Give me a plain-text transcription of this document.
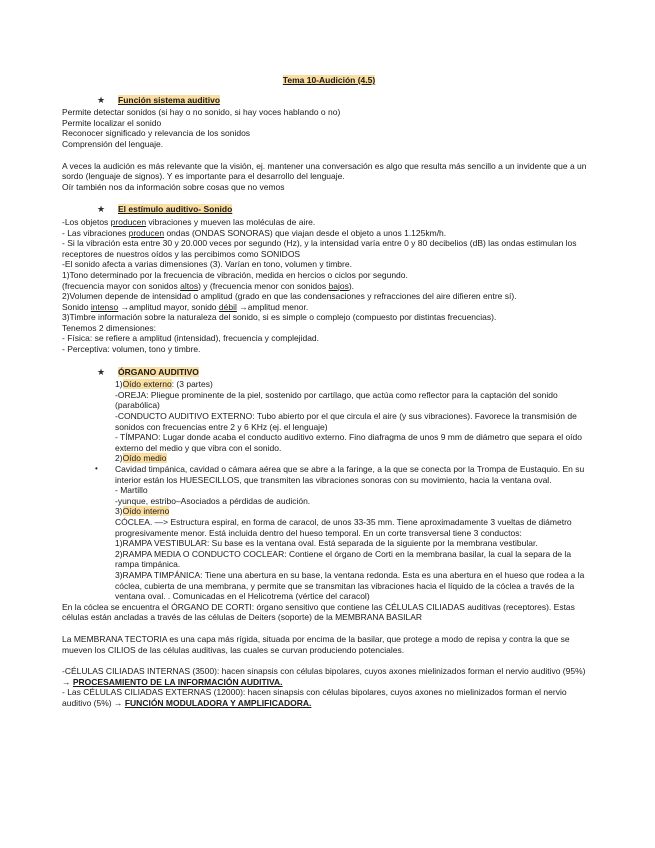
Tema 10-Audición (4.5)
★	Función sistema auditivo
Permite detectar sonidos (si hay o no sonido, si hay voces hablando o no)
Permite localizar el sonido
Reconocer significado y relevancia de los sonidos
Comprensión del lenguaje.
A veces la audición es más relevante que la visión, ej. mantener una conversación es algo que resulta más sencillo a un invidente que a un sordo (lenguaje de signos). Y es importante para el desarrollo del lenguaje.
Oír también nos da información sobre cosas que no vemos
★	El estímulo auditivo- Sonido
-Los objetos producen vibraciones y mueven las moléculas de aire.
- Las vibraciones producen ondas (ONDAS SONORAS) que viajan desde el objeto a unos 1.125km/h.
- Si la vibración esta entre 30 y 20.000 veces por segundo (Hz), y la intensidad varía entre 0 y 80 decibelios (dB) las ondas estimulan los receptores de nuestros oídos y las percibimos como SONIDOS
-El sonido afecta a varias dimensiones (3). Varían en tono, volumen y timbre.
1)Tono determinado por la frecuencia de vibración, medida en hercios o ciclos por segundo.
(frecuencia mayor con sonidos altos) y (frecuencia menor con sonidos bajos).
2)Volumen depende de intensidad o amplitud (grado en que las condensaciones y refracciones del aire difieren entre sí).
Sonido intenso →amplitud mayor, sonido débil →amplitud menor.
3)Timbre información sobre la naturaleza del sonido, si es simple o complejo (compuesto por distintas frecuencias).
Tenemos 2 dimensiones:
- Física: se refiere a amplitud (intensidad), frecuencia y complejidad.
- Perceptiva: volumen, tono y timbre.
★	ÓRGANO AUDITIVO
1)Oído externo: (3 partes)
-OREJA: Pliegue prominente de la piel, sostenido por cartílago, que actúa como reflector para la captación del sonido (parabólica)
-CONDUCTO AUDITIVO EXTERNO: Tubo abierto por el que circula el aire (y sus vibraciones). Favorece la transmisión de sonidos con frecuencias entre 2 y 6 KHz (ej. el lenguaje)
- TÍMPANO: Lugar donde acaba el conducto auditivo externo. Fino diafragma de unos 9 mm de diámetro que separa el oído externo del medio y que vibra con el sonido.
2)Oído medio
•	Cavidad timpánica, cavidad o cámara aérea que se abre a la faringe, a la que se conecta por la Trompa de Eustaquio. En su interior están los HUESECILLOS, que transmiten las vibraciones sonoras con su movimiento, hacia la ventana oval.
- Martillo
-yunque, estribo–Asociados a pérdidas de audición.
3)Oído interno
CÓCLEA. —> Estructura espiral, en forma de caracol, de unos 33-35 mm. Tiene aproximadamente 3 vueltas de diámetro progresivamente menor. Está incluida dentro del hueso temporal. En un corte transversal tiene 3 conductos:
1)RAMPA VESTIBULAR: Su base es la ventana oval. Está separada de la siguiente por la membrana vestibular.
2)RAMPA MEDIA O CONDUCTO COCLEAR: Contiene el órgano de Corti en la membrana basilar, la cual la separa de la rampa timpánica.
3)RAMPA TIMPÁNICA: Tiene una abertura en su base, la ventana redonda. Esta es una abertura en el hueso que rodea a la cóclea, cubierta de una membrana, y permite que se transmitan las vibraciones hacia el líquido de la cóclea a través de la ventana oval. . Comunicadas en el Helicotrema (vértice del caracol)
En la cóclea se encuentra el ÓRGANO DE CORTI: órgano sensitivo que contiene las CÉLULAS CILIADAS auditivas (receptores). Estas células están ancladas a través de las células de Deiters (soporte) de la MEMBRANA BASILAR
La MEMBRANA TECTORIA es una capa más rígida, situada por encima de la basilar, que protege a modo de repisa y contra la que se mueven los CILIOS de las células auditivas, las cuales se curvan produciendo potenciales.
-CÉLULAS CILIADAS INTERNAS (3500): hacen sinapsis con células bipolares, cuyos axones mielinizados forman el nervio auditivo (95%) → PROCESAMIENTO DE LA INFORMACIÓN AUDITIVA.
- Las CÉLULAS CILIADAS EXTERNAS (12000): hacen sinapsis con células bipolares, cuyos axones no mielinizados forman el nervio auditivo (5%) → FUNCIÓN MODULADORA Y AMPLIFICADORA.
